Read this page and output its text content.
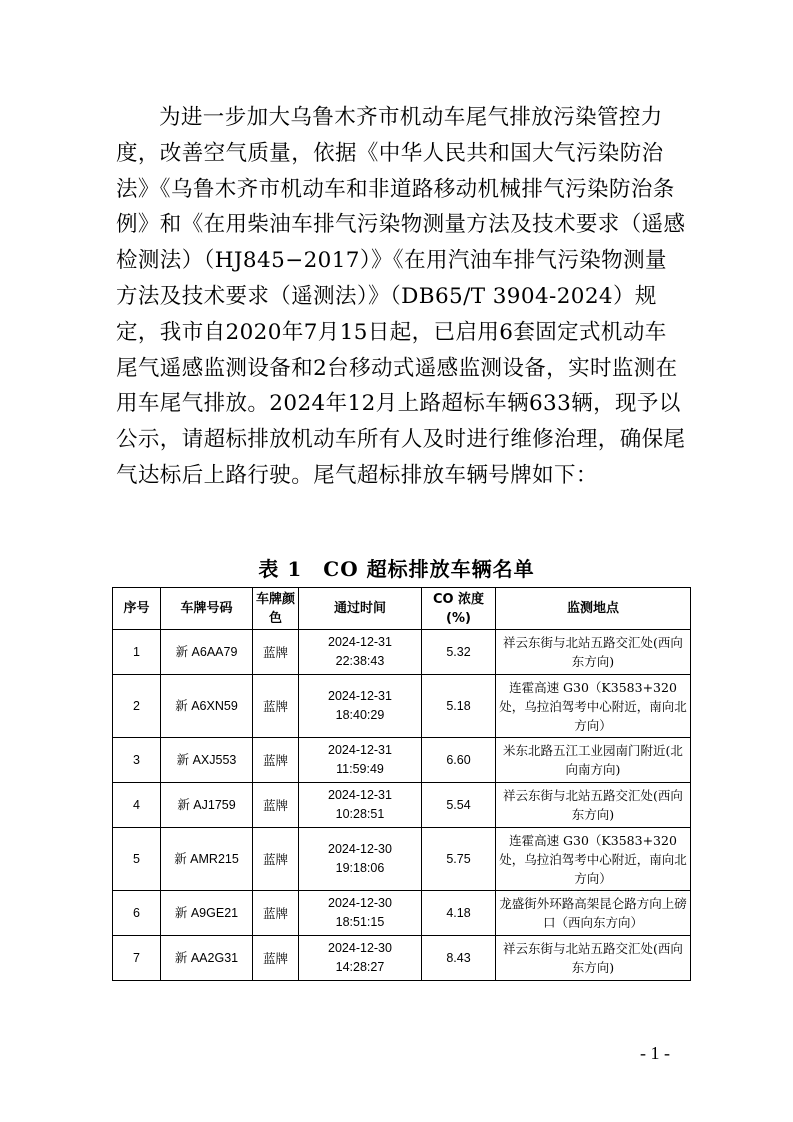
为进一步加大乌鲁木齐市机动车尾气排放污染管控力度，改善空气质量，依据《中华人民共和国大气污染防治法》《乌鲁木齐市机动车和非道路移动机械排气污染防治条例》和《在用柴油车排气污染物测量方法及技术要求（遥感检测法）（HJ845−2017）》《在用汽油车排气污染物测量方法及技术要求（遥测法）》（DB65/T 3904-2024）规定，我市自2020年7月15日起，已启用6套固定式机动车尾气遥感监测设备和2台移动式遥感监测设备，实时监测在用车尾气排放。2024年12月上路超标车辆633辆，现予以公示，请超标排放机动车所有人及时进行维修治理，确保尾气达标后上路行驶。尾气超标排放车辆号牌如下：

表 1　CO 超标排放车辆名单
序号	车牌号码	车牌颜色	通过时间	CO 浓度(%)	监测地点
1	新 A6AA79	蓝牌	2024-12-31
22:38:43	5.32	祥云东街与北站五路交汇处(西向东方向)
2	新 A6XN59	蓝牌	2024-12-31
18:40:29	5.18	连霍高速 G30（K3583+320 处，乌拉泊驾考中心附近，南向北方向）
3	新 AXJ553	蓝牌	2024-12-31
11:59:49	6.60	米东北路五江工业园南门附近(北向南方向)
4	新 AJ1759	蓝牌	2024-12-31
10:28:51	5.54	祥云东街与北站五路交汇处(西向东方向)
5	新 AMR215	蓝牌	2024-12-30
19:18:06	5.75	连霍高速 G30（K3583+320 处，乌拉泊驾考中心附近，南向北方向）
6	新 A9GE21	蓝牌	2024-12-30
18:51:15	4.18	龙盛街外环路高架昆仑路方向上磅口（西向东方向）
7	新 AA2G31	蓝牌	2024-12-30
14:28:27	8.43	祥云东街与北站五路交汇处(西向东方向)
- 1 -
